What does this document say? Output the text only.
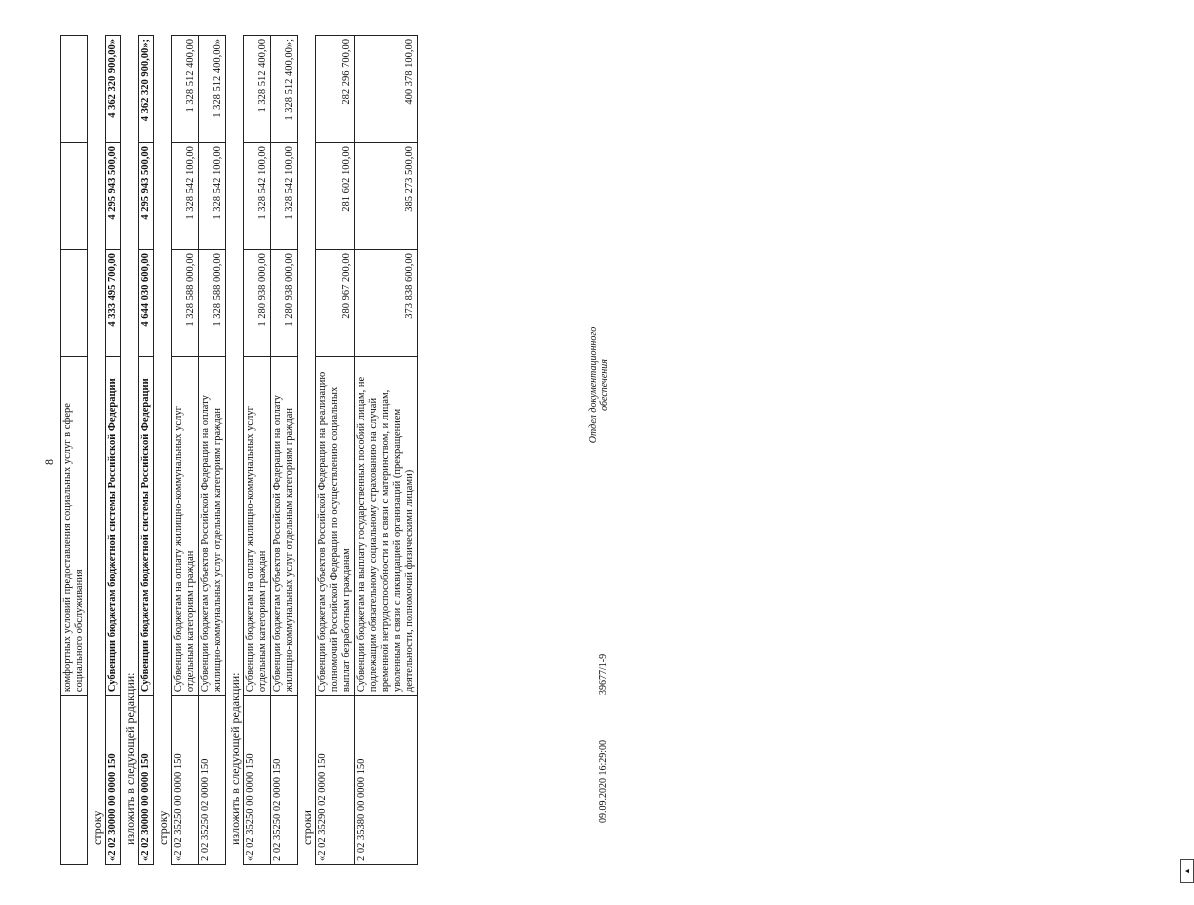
8
	комфортных условий предоставления социальных услуг в сфере социального обслуживания			
строку «2 02 30000 00 0000 150	Субвенции бюджетам бюджетной системы Российской Федерации	4 333 495 700,00	4 295 943 500,00	4 362 320 900,00»
изложить в следующей редакции: «2 02 30000 00 0000 150	Субвенции бюджетам бюджетной системы Российской Федерации	4 644 030 600,00	4 295 943 500,00	4 362 320 900,00»;
строку «2 02 35250 00 0000 150	Субвенции бюджетам на оплату жилищно-коммунальных услуг отдельным категориям граждан	1 328 588 000,00	1 328 542 100,00	1 328 512 400,00
2 02 35250 02 0000 150	Субвенции бюджетам субъектов Российской Федерации на оплату жилищно-коммунальных услуг отдельным категориям граждан	1 328 588 000,00	1 328 542 100,00	1 328 512 400,00»
изложить в следующей редакции: «2 02 35250 00 0000 150	Субвенции бюджетам на оплату жилищно-коммунальных услуг отдельным категориям граждан	1 280 938 000,00	1 328 542 100,00	1 328 512 400,00
2 02 35250 02 0000 150	Субвенции бюджетам субъектов Российской Федерации на оплату жилищно-коммунальных услуг отдельным категориям граждан	1 280 938 000,00	1 328 542 100,00	1 328 512 400,00»;
строки «2 02 35290 02 0000 150	Субвенции бюджетам субъектов Российской Федерации на реализацию полномочий Российской Федерации по осуществлению социальных выплат безработным гражданам	280 967 200,00	281 602 100,00	282 296 700,00
2 02 35380 00 0000 150	Субвенции бюджетам на выплату государственных пособий лицам, не подлежащим обязательному социальному страхованию на случай временной нетрудоспособности и в связи с материнством, и лицам, уволенным в связи с ликвидацией организаций (прекращением деятельности, полномочий физическими лицами)	373 838 600,00	385 273 500,00	400 378 100,00
▲
09.09.2020 16:29:00
39677/1-9
Отдел документационного обеспечения
